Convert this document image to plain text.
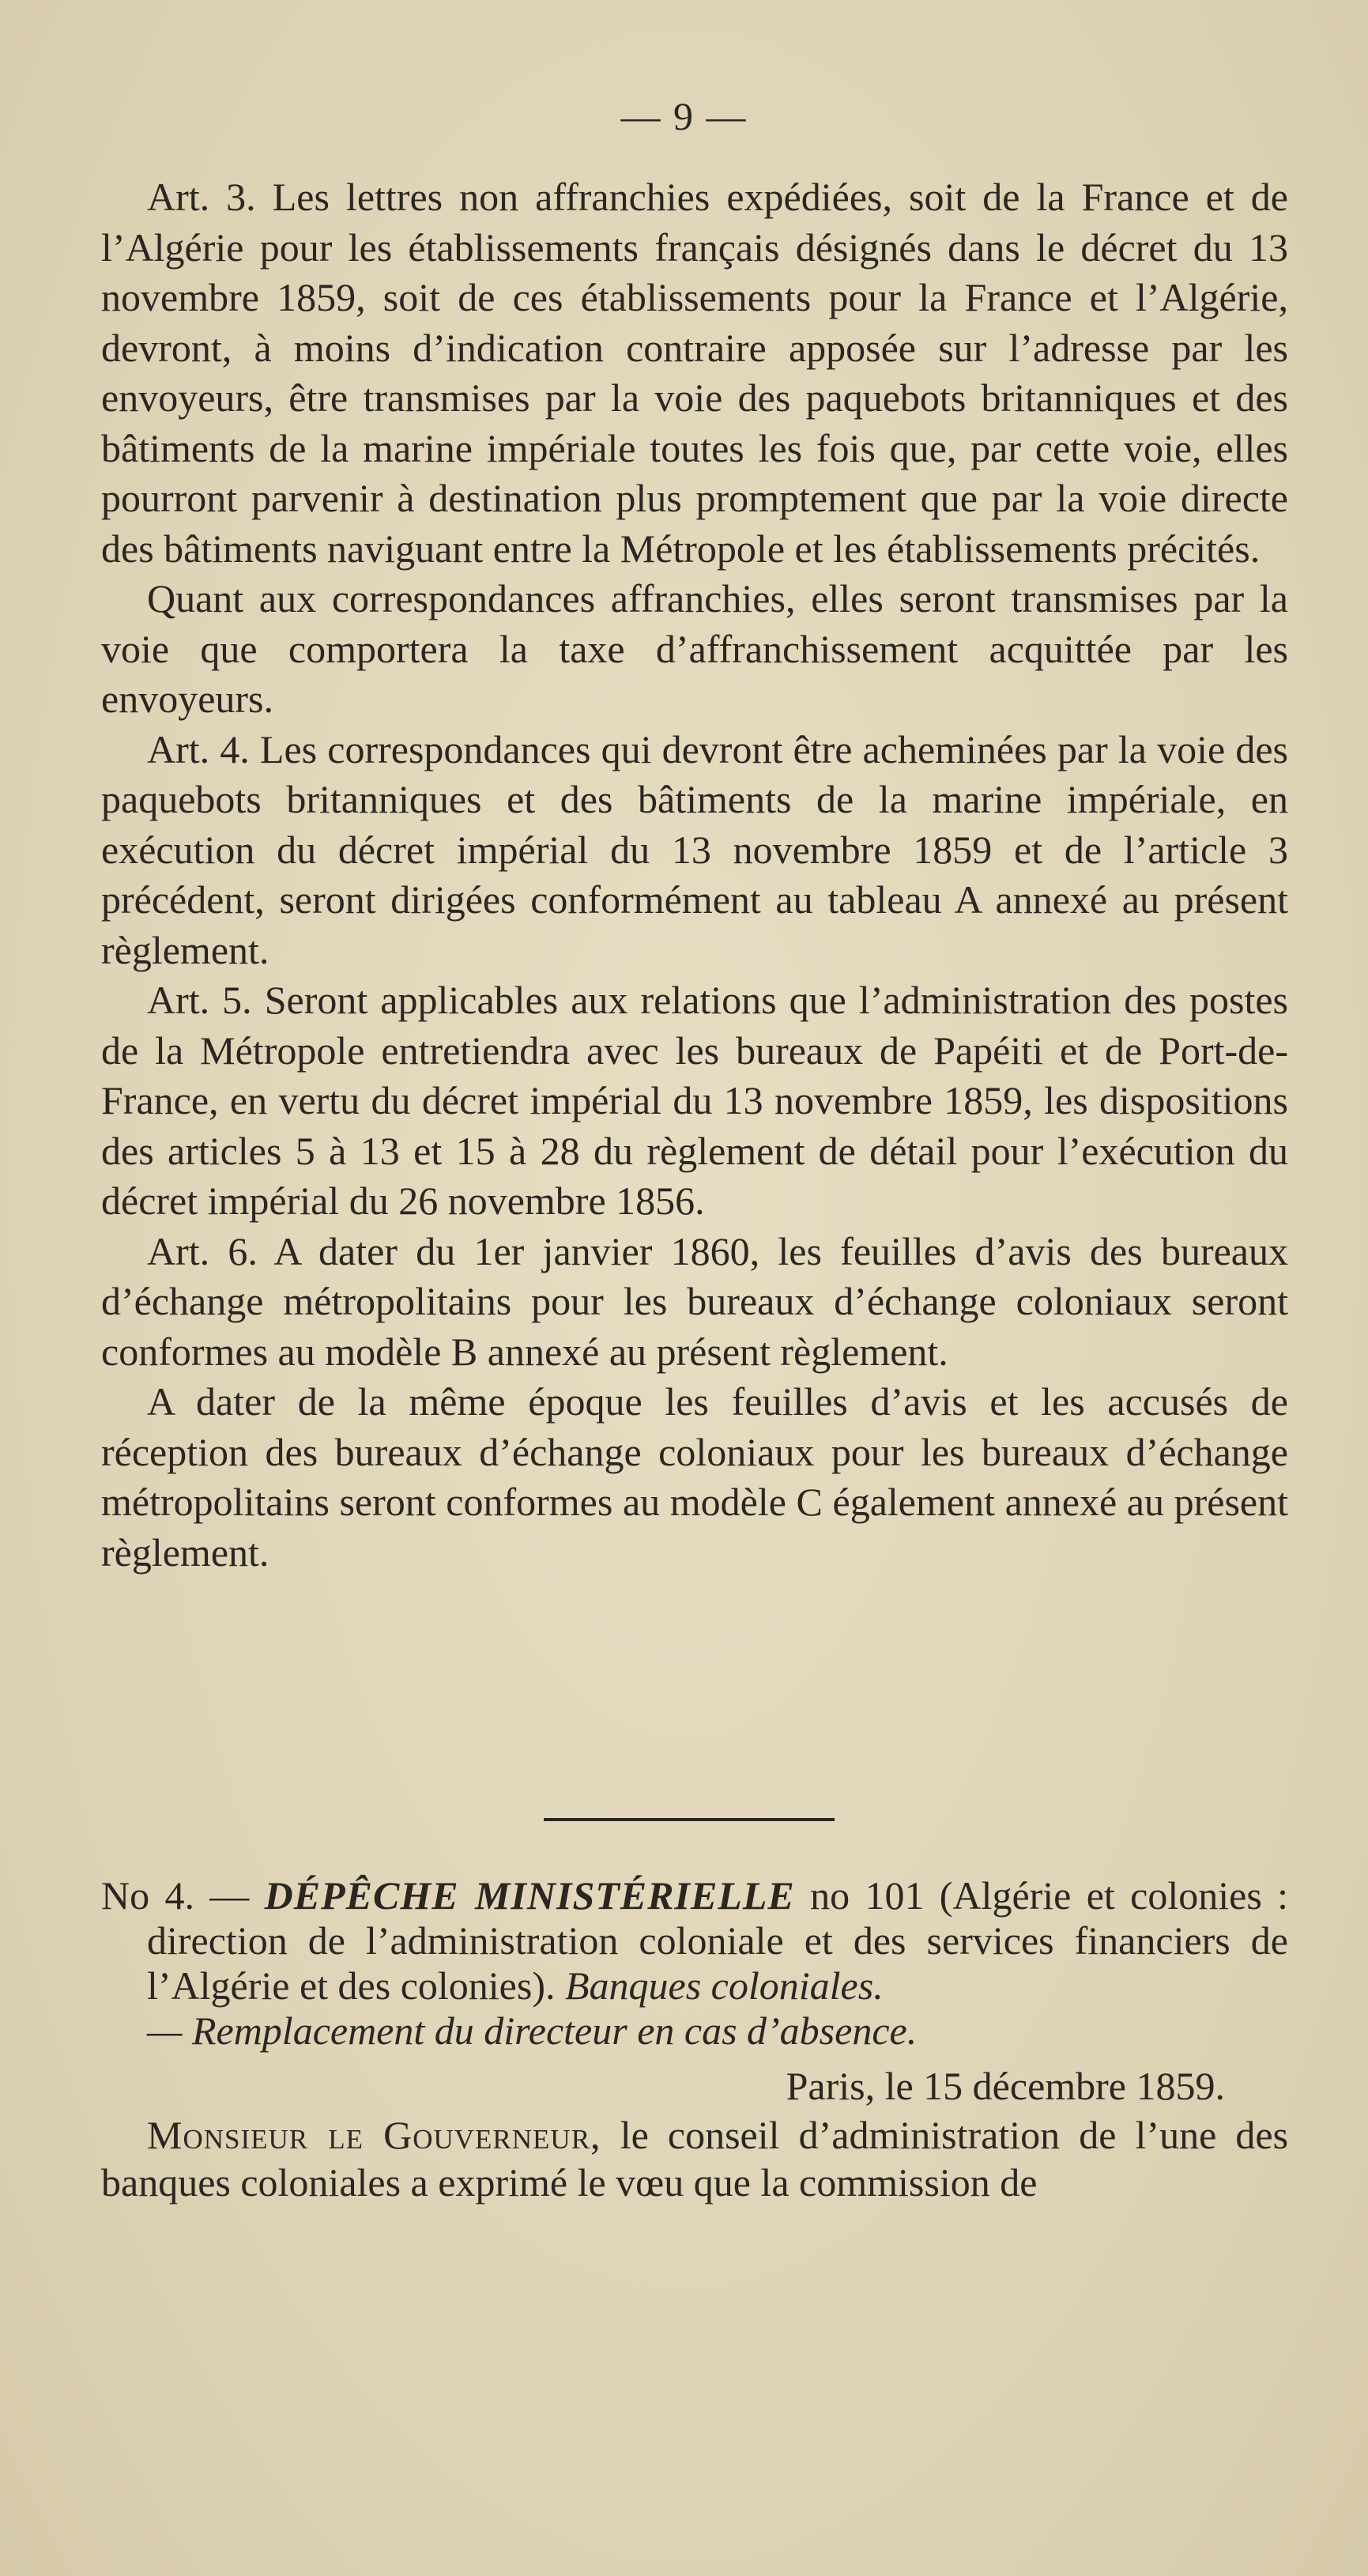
— 9 —

Art. 3. Les lettres non affranchies expédiées, soit de la France et de l’Algérie pour les établissements français désignés dans le décret du 13 novembre 1859, soit de ces établissements pour la France et l’Algérie, devront, à moins d’indication contraire apposée sur l’adresse par les envoyeurs, être transmises par la voie des paquebots britanniques et des bâtiments de la marine impériale toutes les fois que, par cette voie, elles pourront parvenir à destination plus promptement que par la voie directe des bâtiments naviguant entre la Métropole et les établissements précités.

Quant aux correspondances affranchies, elles seront transmises par la voie que comportera la taxe d’affranchissement acquittée par les envoyeurs.

Art. 4. Les correspondances qui devront être acheminées par la voie des paquebots britanniques et des bâtiments de la marine impériale, en exécution du décret impérial du 13 novembre 1859 et de l’article 3 précédent, seront dirigées conformément au tableau A annexé au présent règlement.

Art. 5. Seront applicables aux relations que l’administration des postes de la Métropole entretiendra avec les bureaux de Papéiti et de Port-de-France, en vertu du décret impérial du 13 novembre 1859, les dispositions des articles 5 à 13 et 15 à 28 du règlement de détail pour l’exécution du décret impérial du 26 novembre 1856.

Art. 6. A dater du 1er janvier 1860, les feuilles d’avis des bureaux d’échange métropolitains pour les bureaux d’échange coloniaux seront conformes au modèle B annexé au présent règlement.

A dater de la même époque les feuilles d’avis et les accusés de réception des bureaux d’échange coloniaux pour les bureaux d’échange métropolitains seront conformes au modèle C également annexé au présent règlement.

No 4. — DÉPÊCHE MINISTÉRIELLE no 101 (Algérie et colonies : direction de l’administration coloniale et des services financiers de l’Algérie et des colonies). Banques coloniales.
— Remplacement du directeur en cas d’absence.

Paris, le 15 décembre 1859.

Monsieur le Gouverneur, le conseil d’administration de l’une des banques coloniales a exprimé le vœu que la commission de
